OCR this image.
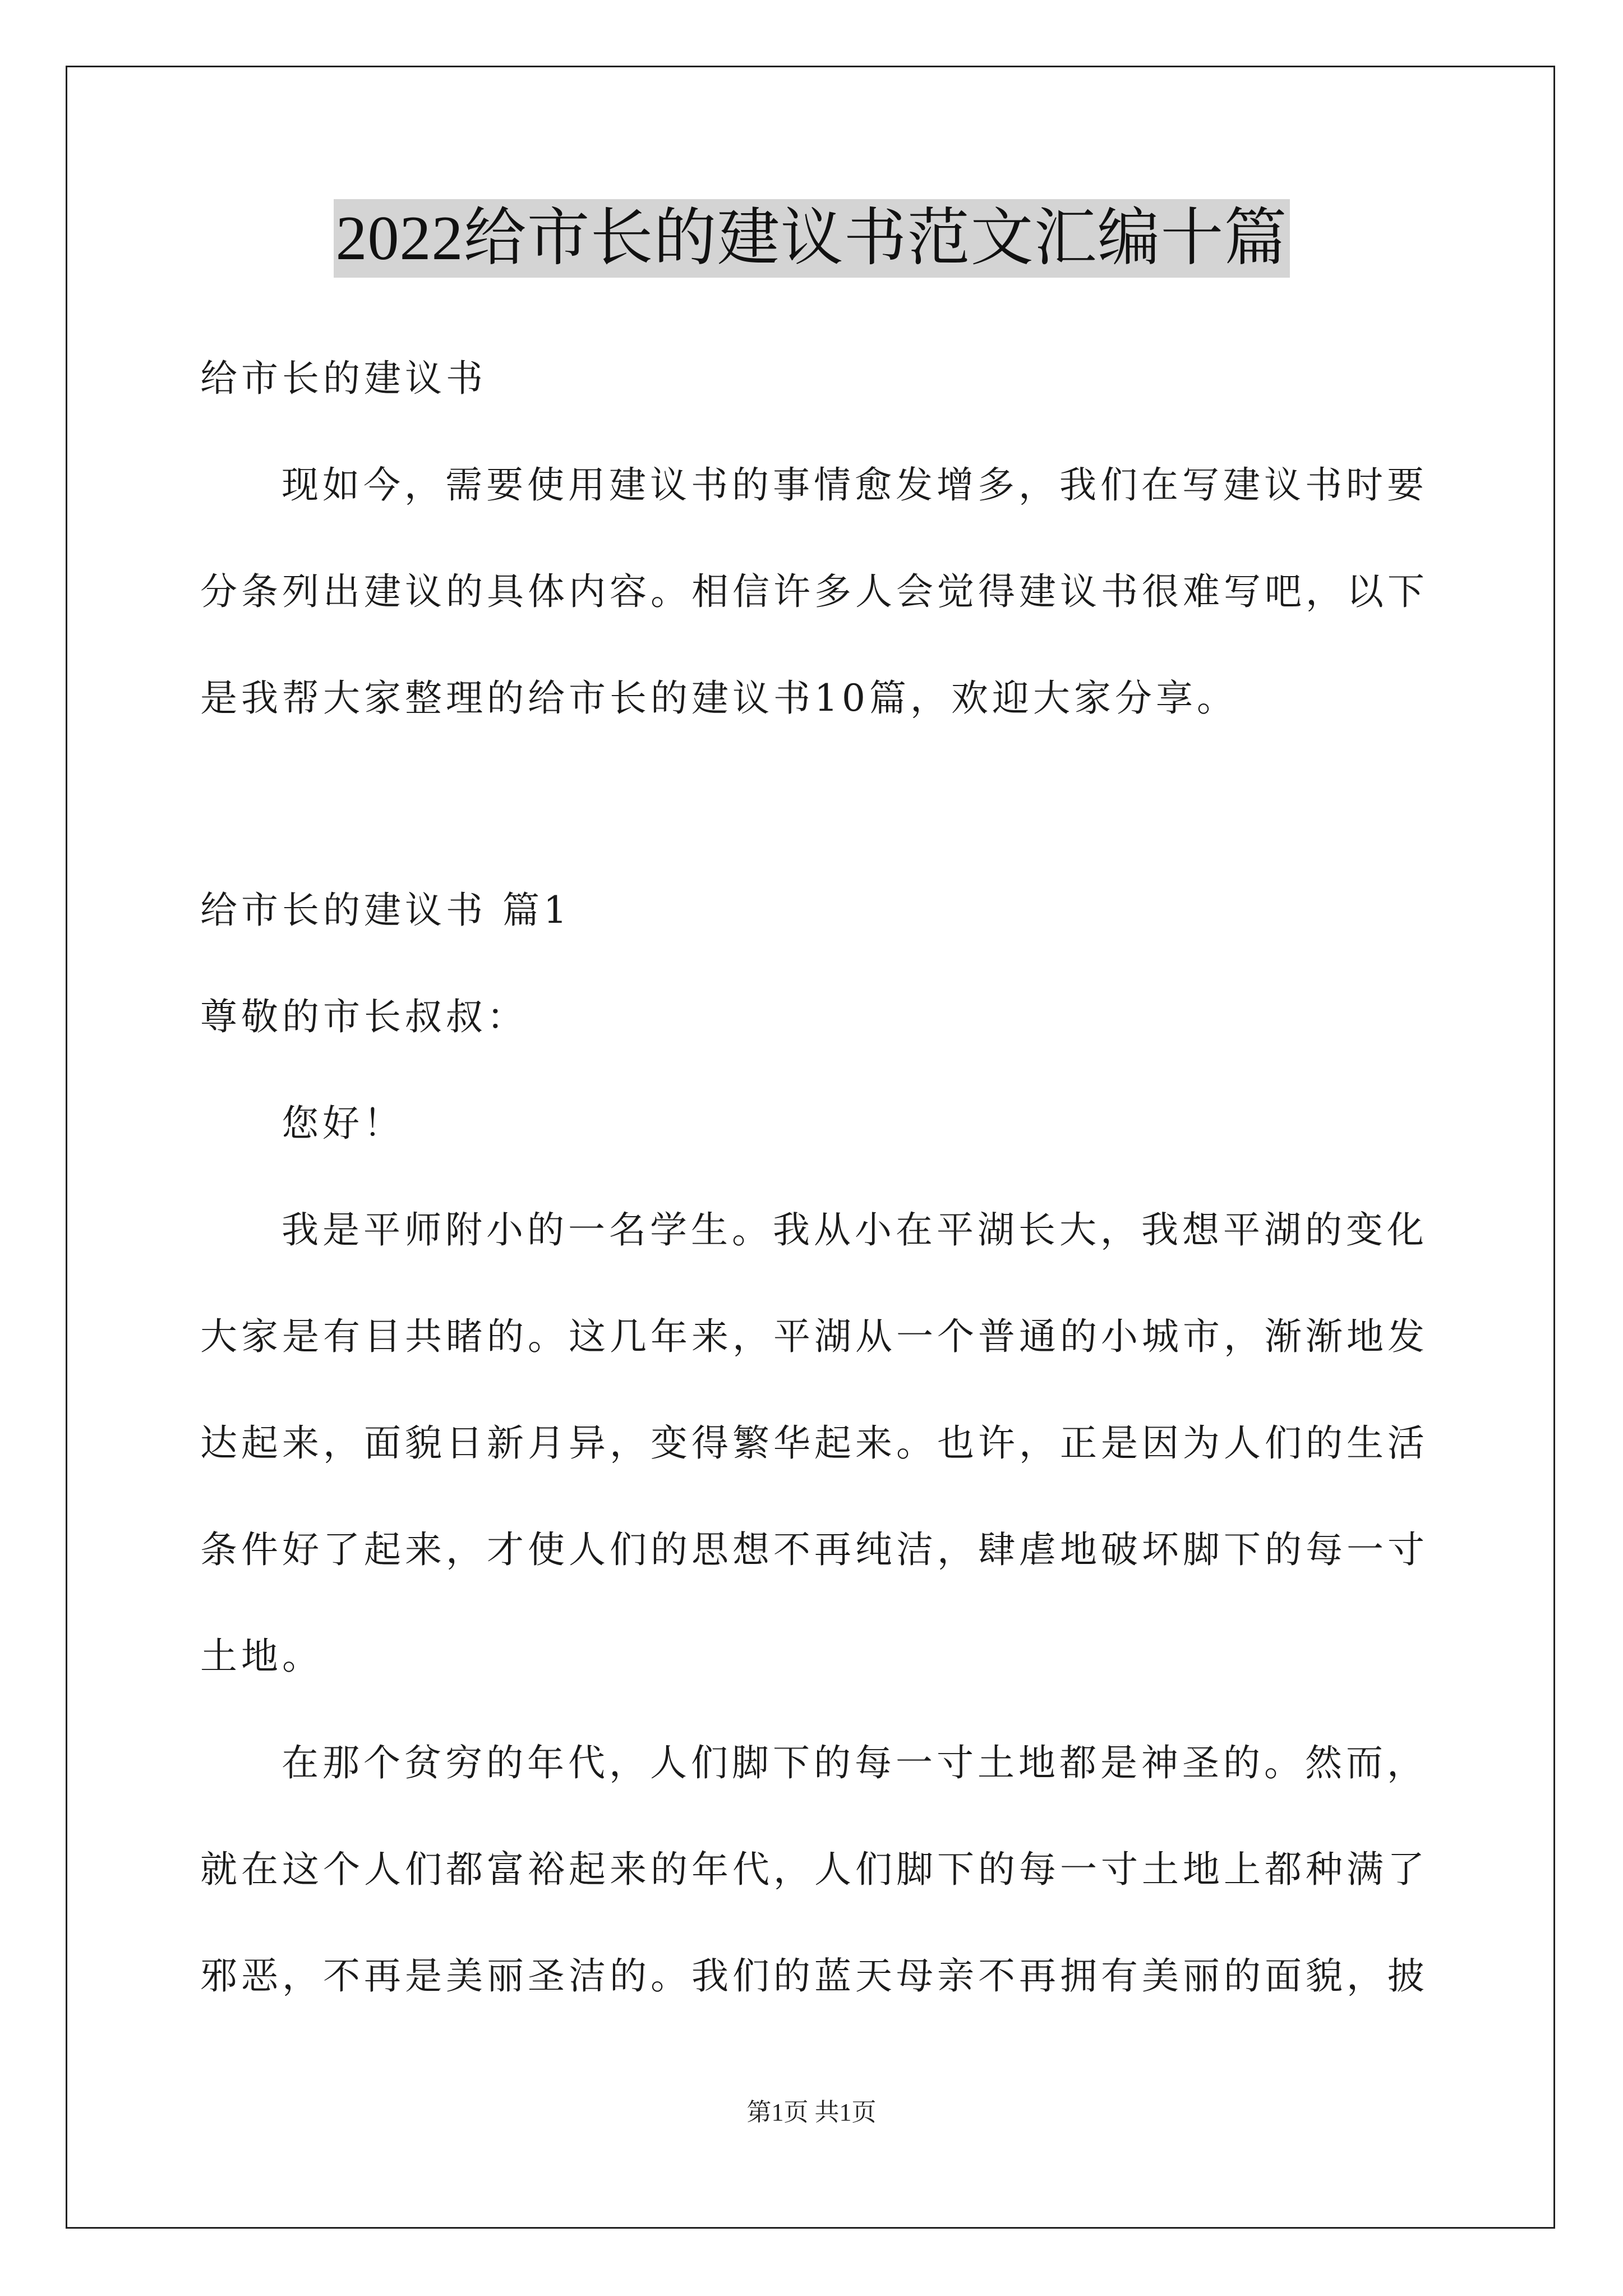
2022给市长的建议书范文汇编十篇
给市长的建议书
现如今，需要使用建议书的事情愈发增多，我们在写建议书时要
分条列出建议的具体内容。相信许多人会觉得建议书很难写吧，以下
是我帮大家整理的给市长的建议书10篇，欢迎大家分享。
给市长的建议书 篇1
尊敬的市长叔叔：
您好！
我是平师附小的一名学生。我从小在平湖长大，我想平湖的变化
大家是有目共睹的。这几年来，平湖从一个普通的小城市，渐渐地发
达起来，面貌日新月异，变得繁华起来。也许，正是因为人们的生活
条件好了起来，才使人们的思想不再纯洁，肆虐地破坏脚下的每一寸
土地。
在那个贫穷的年代，人们脚下的每一寸土地都是神圣的。然而，
就在这个人们都富裕起来的年代，人们脚下的每一寸土地上都种满了
邪恶，不再是美丽圣洁的。我们的蓝天母亲不再拥有美丽的面貌，披
第1页 共1页
